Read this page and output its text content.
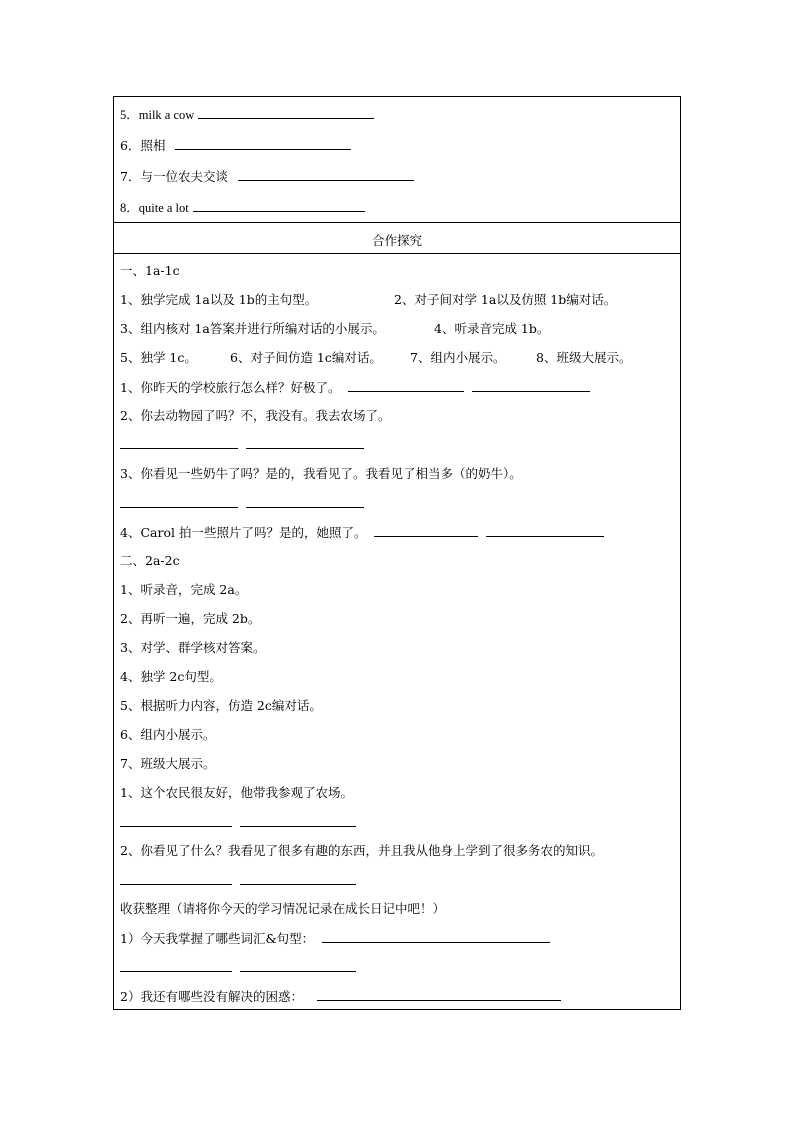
5．milk a cow
6．照相
7．与一位农夫交谈
8．quite a lot
合作探究
一、1a-1c
1、独学完成 1a以及 1b的主句型。	2、对子间对学 1a以及仿照 1b编对话。
3、组内核对 1a答案并进行所编对话的小展示。	4、听录音完成 1b。
5、独学 1c。	6、对子间仿造 1c编对话。 7、组内小展示。 8、班级大展示。
1、你昨天的学校旅行怎么样？好极了。
2、你去动物园了吗？不，我没有。我去农场了。

3、你看见一些奶牛了吗？是的，我看见了。我看见了相当多（的奶牛）。

4、Carol 拍一些照片了吗？是的，她照了。
二、2a-2c
1、听录音，完成 2a。
2、再听一遍，完成 2b。
3、对学、群学核对答案。
4、独学 2c句型。
5、根据听力内容，仿造 2c编对话。
6、组内小展示。
7、班级大展示。
1、这个农民很友好，他带我参观了农场。

2、你看见了什么？我看见了很多有趣的东西，并且我从他身上学到了很多务农的知识。

收获整理（请将你今天的学习情况记录在成长日记中吧！）
1）今天我掌握了哪些词汇&句型：

2）我还有哪些没有解决的困惑：
